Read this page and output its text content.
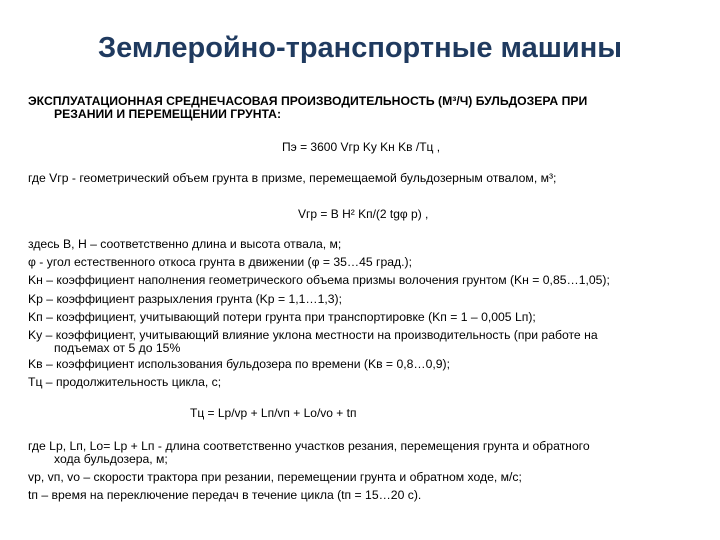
Землеройно-транспортные машины
ЭКСПЛУАТАЦИОННАЯ СРЕДНЕЧАСОВАЯ ПРОИЗВОДИТЕЛЬНОСТЬ (М³/Ч) БУЛЬДОЗЕРА ПРИ
РЕЗАНИИ И ПЕРЕМЕЩЕНИИ ГРУНТА:
Пэ = 3600 Vгр Kу Kн Kв /Tц ,
где Vгр - геометрический объем грунта в призме, перемещаемой бульдозерным отвалом, м³;
Vгр = B H² Kп/(2 tgφ р) ,
здесь В, Н – соответственно длина и высота отвала, м;
φ - угол естественного откоса грунта в движении (φ = 35…45 град.);
Kн – коэффициент наполнения геометрического объема призмы волочения грунтом (Kн = 0,85…1,05);
Kр – коэффициент разрыхления грунта (Kр = 1,1…1,3);
Kп – коэффициент, учитывающий потери грунта при транспортировке (Kп = 1 – 0,005 Lп);
Kу – коэффициент, учитывающий влияние уклона местности на производительность (при работе на
подъемах от 5 до 15%
Kв – коэффициент использования бульдозера по времени (Kв = 0,8…0,9);
Tц – продолжительность цикла, с;
Tц = Lр/vр + Lп/vп + Lо/vо + tп
где Lр, Lп, Lо= Lр + Lп - длина соответственно участков резания, перемещения грунта и обратного
хода бульдозера, м;
vр, vп, vо – скорости трактора при резании, перемещении грунта и обратном ходе, м/с;
tп – время на переключение передач в течение цикла (tп = 15…20 с).
